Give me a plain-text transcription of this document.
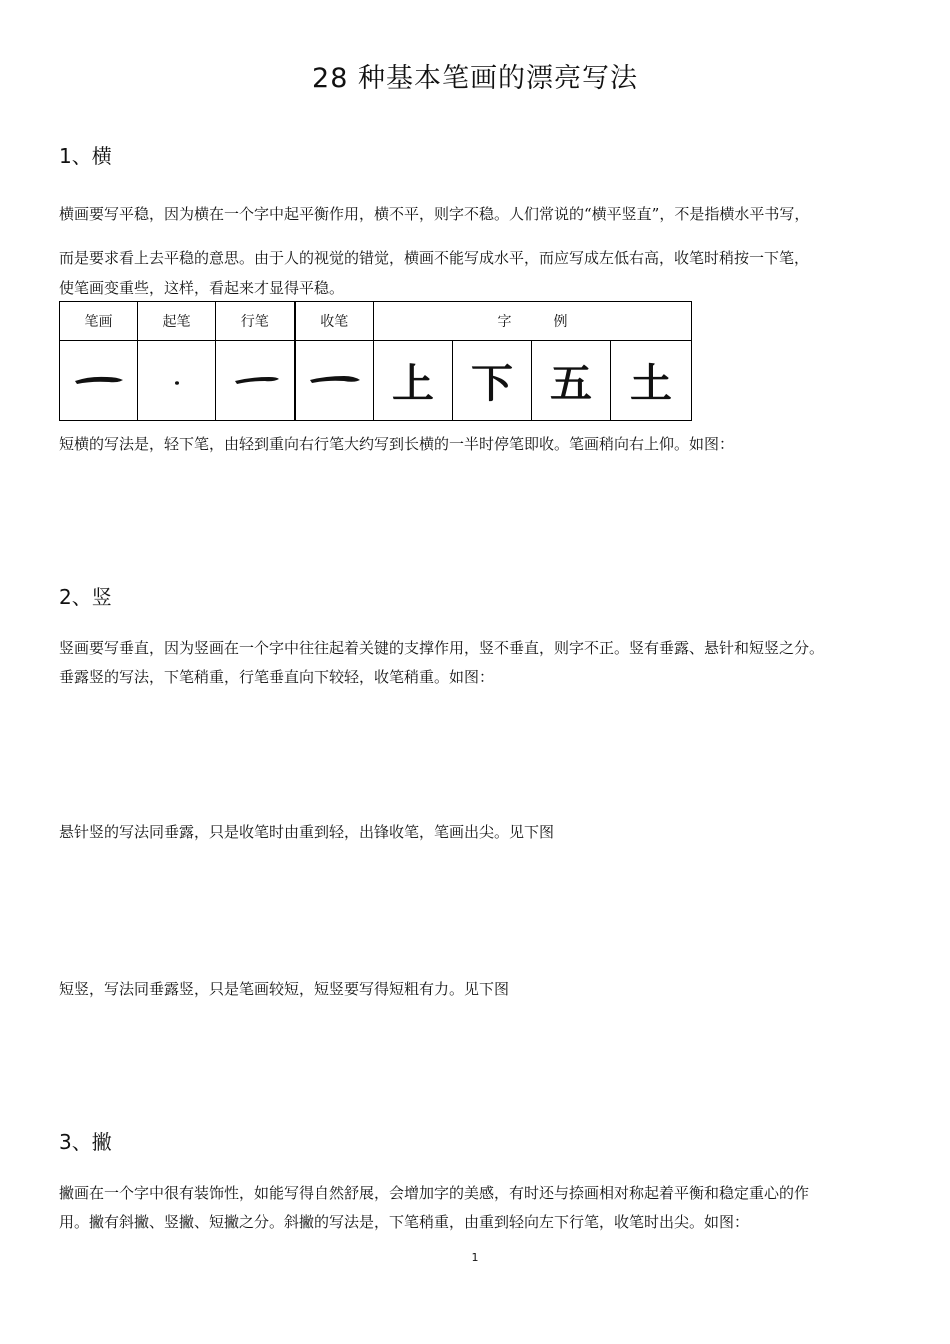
28 种基本笔画的漂亮写法
1、横
横画要写平稳，因为横在一个字中起平衡作用，横不平，则字不稳。人们常说的“横平竖直”，不是指横水平书写，
而是要求看上去平稳的意思。由于人的视觉的错觉，横画不能写成水平，而应写成左低右高，收笔时稍按一下笔，
使笔画变重些，这样，看起来才显得平稳。
笔画	起笔	行笔	收笔	字　　　例			
				上	下	五	土
短横的写法是，轻下笔，由轻到重向右行笔大约写到长横的一半时停笔即收。笔画稍向右上仰。如图：
2、竖
竖画要写垂直，因为竖画在一个字中往往起着关键的支撑作用，竖不垂直，则字不正。竖有垂露、悬针和短竖之分。
垂露竖的写法，下笔稍重，行笔垂直向下较轻，收笔稍重。如图：
悬针竖的写法同垂露，只是收笔时由重到轻，出锋收笔，笔画出尖。见下图
短竖，写法同垂露竖，只是笔画较短，短竖要写得短粗有力。见下图
3、撇
撇画在一个字中很有装饰性，如能写得自然舒展，会增加字的美感，有时还与捺画相对称起着平衡和稳定重心的作
用。撇有斜撇、竖撇、短撇之分。斜撇的写法是，下笔稍重，由重到轻向左下行笔，收笔时出尖。如图：
1
